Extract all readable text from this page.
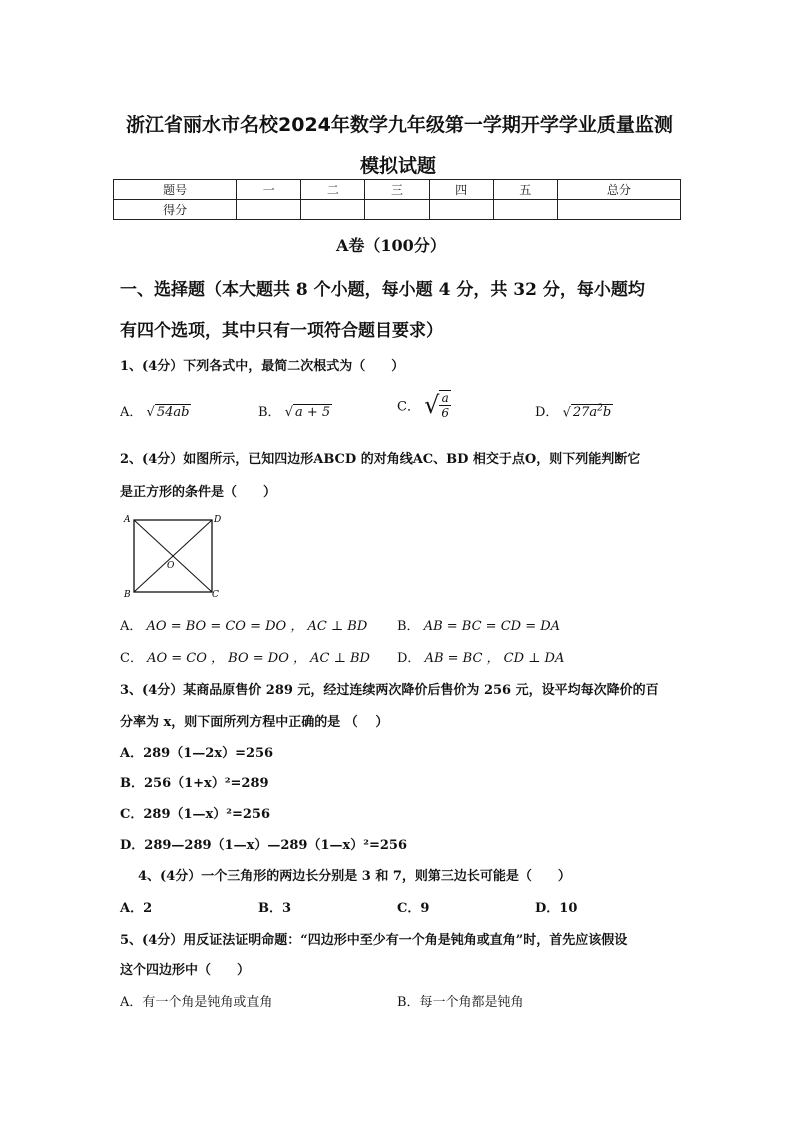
浙江省丽水市名校2024年数学九年级第一学期开学学业质量监测
模拟试题
题号	一	二	三	四	五	总分
得分						
A卷（100分）
一、选择题（本大题共 8 个小题，每小题 4 分，共 32 分，每小题均
有四个选项，其中只有一项符合题目要求）
1、(4分）下列各式中，最简二次根式为（　　）
A． √ 54ab	B． √ a + 5	C． √ $\frac{a}{6}$	D． √ $27a^2b$
2、(4分）如图所示，已知四边形ABCD 的对角线AC、BD 相交于点O，则下列能判断它
是正方形的条件是（　　）
A	D
B	C
O
A． AO = BO = CO = DO ， AC ⊥ BD B． AB = BC = CD = DA
C． AO = CO ， BO = DO ， AC ⊥ BD D． AB = BC ， CD ⊥ DA
3、(4分）某商品原售价 289 元，经过连续两次降价后售价为 256 元，设平均每次降价的百
分率为 x，则下面所列方程中正确的是 （　 ）
A．289（1—2x）=256
B．256（1+x）²=289
C．289（1—x）²=256
D．289—289（1—x）—289（1—x）²=256
4、(4分）一个三角形的两边长分别是 3 和 7，则第三边长可能是（　　）
A．2	B．3	C．9	D．10
5、(4分）用反证法证明命题：“四边形中至少有一个角是钝角或直角”时，首先应该假设
这个四边形中（　　）
A．有一个角是钝角或直角	B．每一个角都是钝角
